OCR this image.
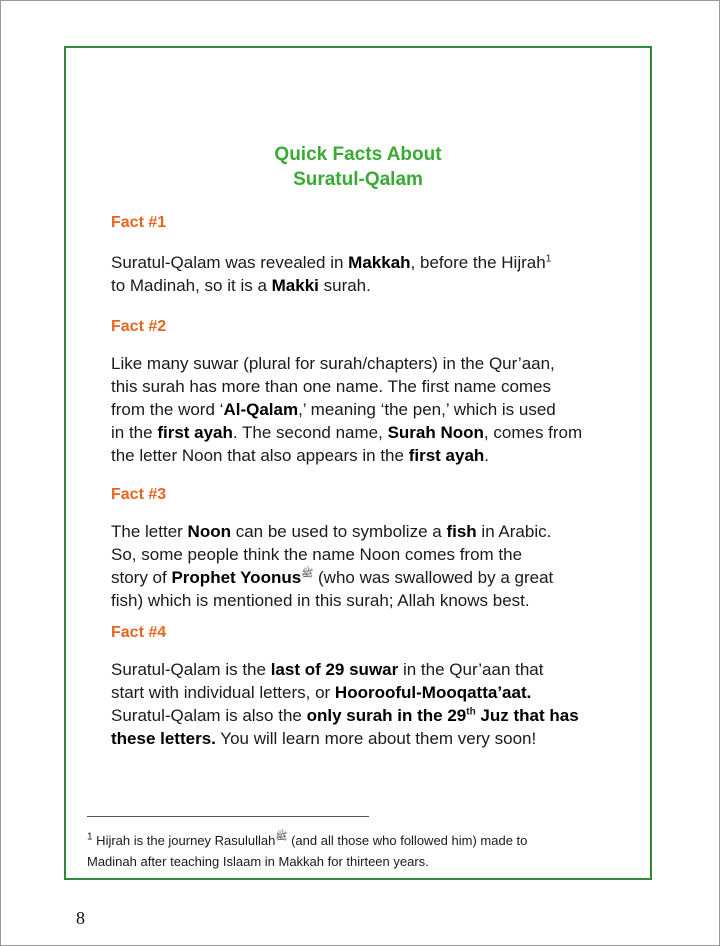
Quick Facts About
Suratul-Qalam
Fact #1
Suratul-Qalam was revealed in Makkah, before the Hijrah$^1$
to Madinah, so it is a Makki surah.
Fact #2
Like many suwar (plural for surah/chapters) in the Qur’aan,
this surah has more than one name. The first name comes
from the word ‘Al-Qalam,’ meaning ‘the pen,’ which is used
in the first ayah. The second name, Surah Noon, comes from
the letter Noon that also appears in the first ayah.
Fact #3
The letter Noon can be used to symbolize a fish in Arabic.
So, some people think the name Noon comes from the
story of Prophet Yoonus$^ﷺ$ (who was swallowed by a great
fish) which is mentioned in this surah; Allah knows best.
Fact #4
Suratul-Qalam is the last of 29 suwar in the Qur’aan that
start with individual letters, or Hoorooful-Mooqatta’aat.
Suratul-Qalam is also the only surah in the 29th Juz that has
these letters. You will learn more about them very soon!
$^1$ Hijrah is the journey Rasulullah$^ﷺ$ (and all those who followed him) made to
Madinah after teaching Islaam in Makkah for thirteen years.
8
